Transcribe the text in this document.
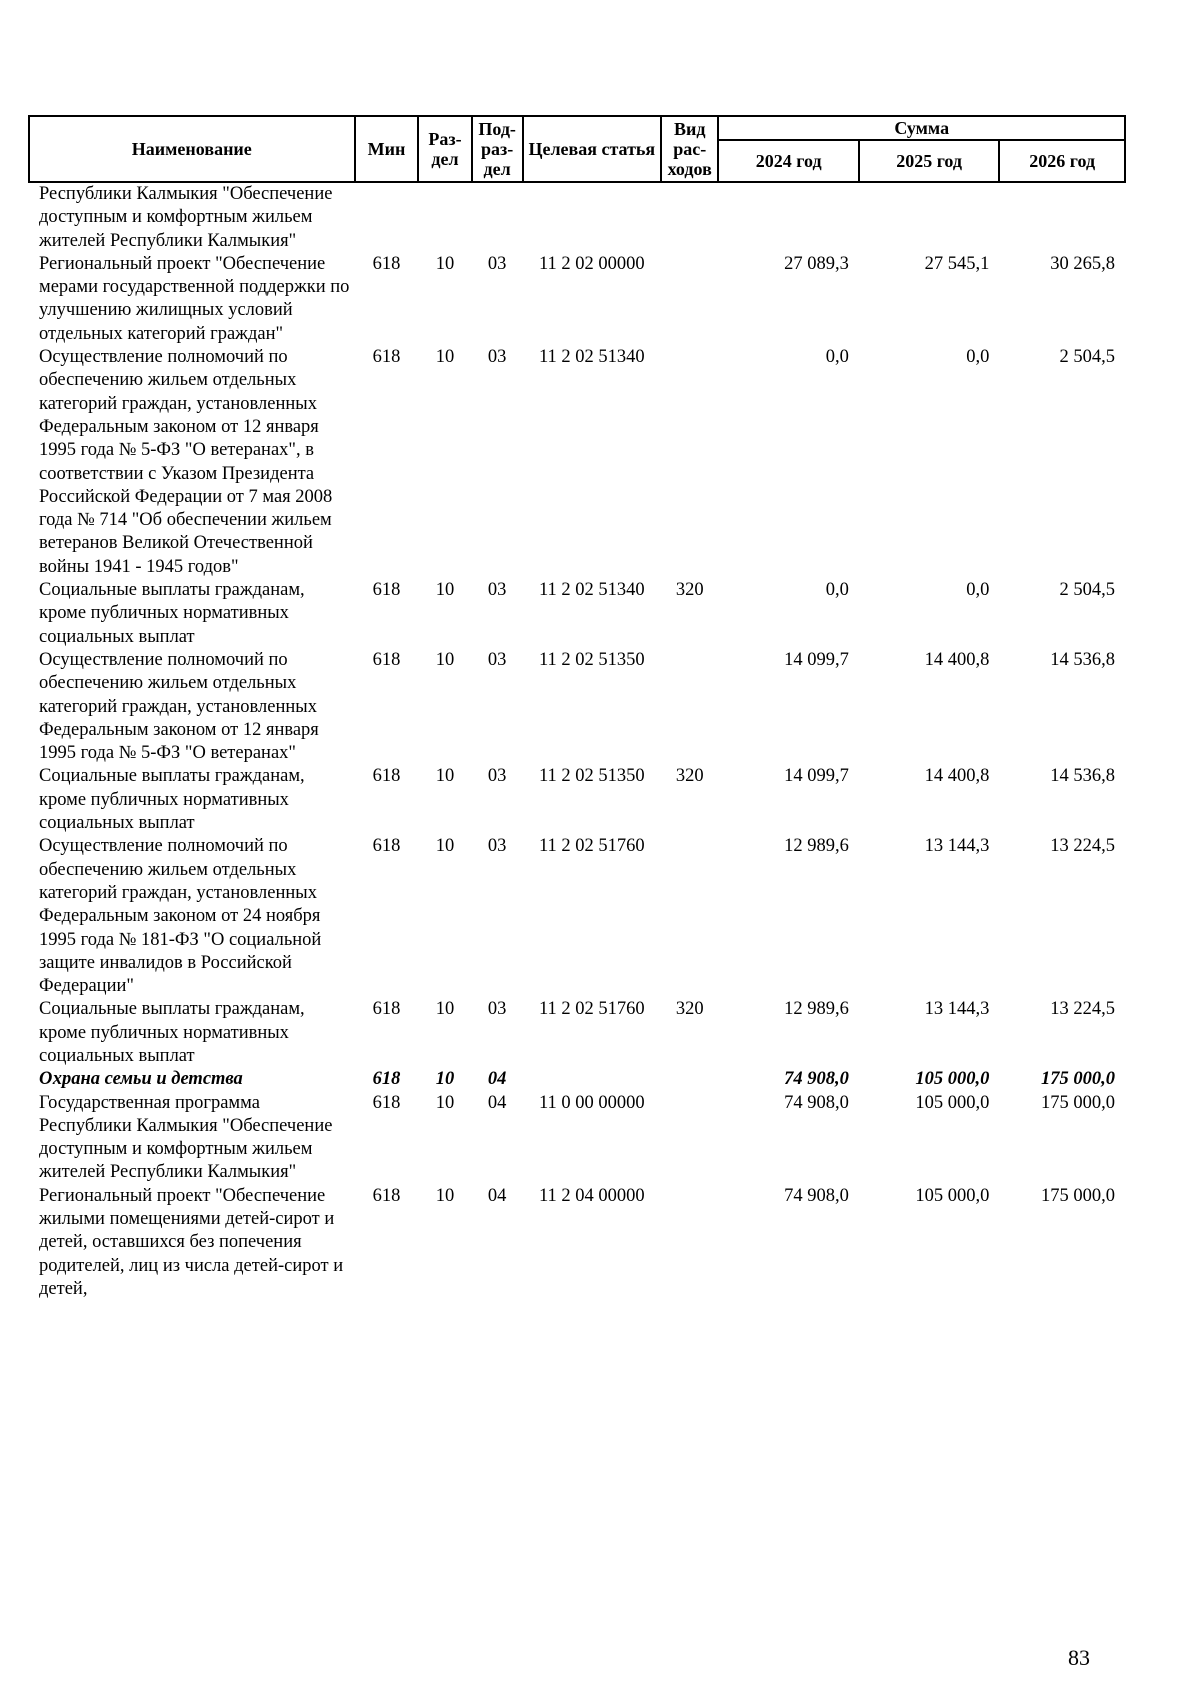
Наименование	Мин	Раз- дел	Под- раз- дел	Целевая статья	Вид рас- ходов	Сумма		
						2024 год	2025 год	2026 год
Республики Калмыкия "Обеспечение доступным и комфортным жильем жителей Республики Калмыкия"								
Региональный проект "Обеспечение мерами государственной поддержки по улучшению жилищных условий отдельных категорий граждан"	618	10	03	11 2 02 00000		27 089,3	27 545,1	30 265,8
Осуществление полномочий по обеспечению жильем отдельных категорий граждан, установленных Федеральным законом от 12 января 1995 года № 5-ФЗ "О ветеранах", в соответствии с Указом Президента Российской Федерации от 7 мая 2008 года № 714 "Об обеспечении жильем ветеранов Великой Отечественной войны 1941 - 1945 годов"	618	10	03	11 2 02 51340		0,0	0,0	2 504,5
Социальные выплаты гражданам, кроме публичных нормативных социальных выплат	618	10	03	11 2 02 51340	320	0,0	0,0	2 504,5
Осуществление полномочий по обеспечению жильем отдельных категорий граждан, установленных Федеральным законом от 12 января 1995 года № 5-ФЗ "О ветеранах"	618	10	03	11 2 02 51350		14 099,7	14 400,8	14 536,8
Социальные выплаты гражданам, кроме публичных нормативных социальных выплат	618	10	03	11 2 02 51350	320	14 099,7	14 400,8	14 536,8
Осуществление полномочий по обеспечению жильем отдельных категорий граждан, установленных Федеральным законом от 24 ноября 1995 года № 181-ФЗ "О социальной защите инвалидов в Российской Федерации"	618	10	03	11 2 02 51760		12 989,6	13 144,3	13 224,5
Социальные выплаты гражданам, кроме публичных нормативных социальных выплат	618	10	03	11 2 02 51760	320	12 989,6	13 144,3	13 224,5
Охрана семьи и детства	618	10	04			74 908,0	105 000,0	175 000,0
Государственная программа Республики Калмыкия "Обеспечение доступным и комфортным жильем жителей Республики Калмыкия"	618	10	04	11 0 00 00000		74 908,0	105 000,0	175 000,0
Региональный проект "Обеспечение жилыми помещениями детей-сирот и детей, оставшихся без попечения родителей, лиц из числа детей-сирот и детей,	618	10	04	11 2 04 00000		74 908,0	105 000,0	175 000,0
83
